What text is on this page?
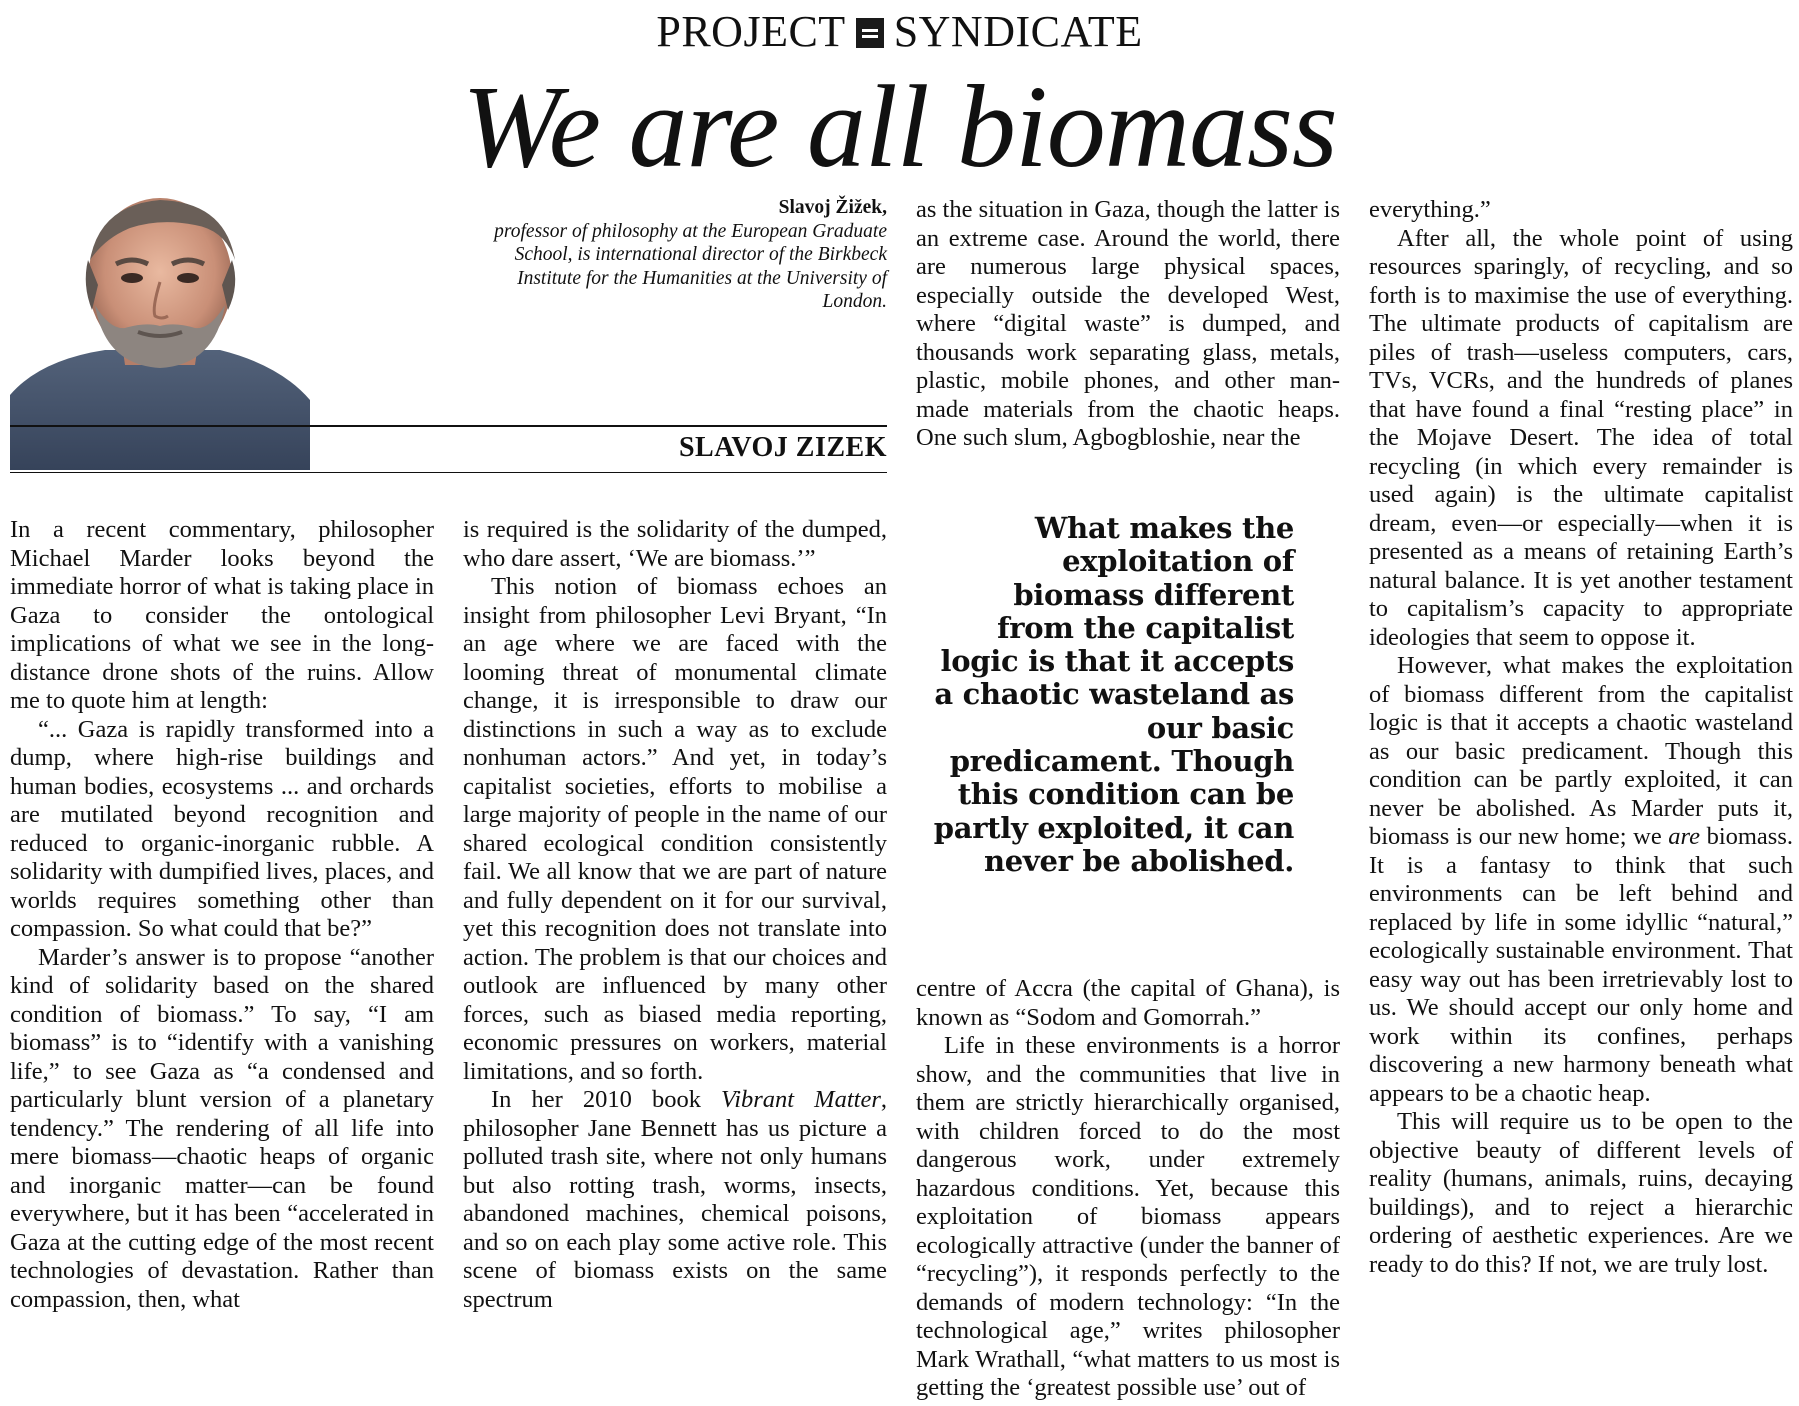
PROJECT SYNDICATE
We are all biomass
Slavoj Žižek,
professor of philosophy at the European Graduate School, is international director of the Birkbeck Institute for the Humanities at the University of London.
SLAVOJ ZIZEK

In a recent commentary, philosopher Michael Marder looks beyond the immediate horror of what is taking place in Gaza to consider the ontological implications of what we see in the long-distance drone shots of the ruins. Allow me to quote him at length:

“... Gaza is rapidly transformed into a dump, where high-rise buildings and human bodies, ecosystems ... and orchards are mutilated beyond recognition and reduced to organic-inorganic rubble. A solidarity with dumpified lives, places, and worlds requires something other than compassion. So what could that be?”

Marder’s answer is to propose “another kind of solidarity based on the shared condition of biomass.” To say, “I am biomass” is to “identify with a vanishing life,” to see Gaza as “a condensed and particularly blunt version of a planetary tendency.” The rendering of all life into mere biomass—chaotic heaps of organic and inorganic matter—can be found everywhere, but it has been “accelerated in Gaza at the cutting edge of the most recent technologies of devastation. Rather than compassion, then, what

is required is the solidarity of the dumped, who dare assert, ‘We are biomass.’”

This notion of biomass echoes an insight from philosopher Levi Bryant, “In an age where we are faced with the looming threat of monumental climate change, it is irresponsible to draw our distinctions in such a way as to exclude nonhuman actors.” And yet, in today’s capitalist societies, efforts to mobilise a large majority of people in the name of our shared ecological condition consistently fail. We all know that we are part of nature and fully dependent on it for our survival, yet this recognition does not translate into action. The problem is that our choices and outlook are influenced by many other forces, such as biased media reporting, economic pressures on workers, material limitations, and so forth.

In her 2010 book Vibrant Matter, philosopher Jane Bennett has us picture a polluted trash site, where not only humans but also rotting trash, worms, insects, abandoned machines, chemical poisons, and so on each play some active role. This scene of biomass exists on the same spectrum

as the situation in Gaza, though the latter is an extreme case. Around the world, there are numerous large physical spaces, especially outside the developed West, where “digital waste” is dumped, and thousands work separating glass, metals, plastic, mobile phones, and other man-made materials from the chaotic heaps. One such slum, Agbogbloshie, near the

What makes the exploitation of biomass different from the capitalist logic is that it accepts a chaotic wasteland as our basic predicament. Though this condition can be partly exploited, it can never be abolished.

centre of Accra (the capital of Ghana), is known as “Sodom and Gomorrah.”

Life in these environments is a horror show, and the communities that live in them are strictly hierarchically organised, with children forced to do the most dangerous work, under extremely hazardous conditions. Yet, because this exploitation of biomass appears ecologically attractive (under the banner of “recycling”), it responds perfectly to the demands of modern technology: “In the technological age,” writes philosopher Mark Wrathall, “what matters to us most is getting the ‘greatest possible use’ out of

everything.”

After all, the whole point of using resources sparingly, of recycling, and so forth is to maximise the use of everything. The ultimate products of capitalism are piles of trash—useless computers, cars, TVs, VCRs, and the hundreds of planes that have found a final “resting place” in the Mojave Desert. The idea of total recycling (in which every remainder is used again) is the ultimate capitalist dream, even—or especially—when it is presented as a means of retaining Earth’s natural balance. It is yet another testament to capitalism’s capacity to appropriate ideologies that seem to oppose it.

However, what makes the exploitation of biomass different from the capitalist logic is that it accepts a chaotic wasteland as our basic predicament. Though this condition can be partly exploited, it can never be abolished. As Marder puts it, biomass is our new home; we are biomass. It is a fantasy to think that such environments can be left behind and replaced by life in some idyllic “natural,” ecologically sustainable environment. That easy way out has been irretrievably lost to us. We should accept our only home and work within its confines, perhaps discovering a new harmony beneath what appears to be a chaotic heap.

This will require us to be open to the objective beauty of different levels of reality (humans, animals, ruins, decaying buildings), and to reject a hierarchic ordering of aesthetic experiences. Are we ready to do this? If not, we are truly lost.
